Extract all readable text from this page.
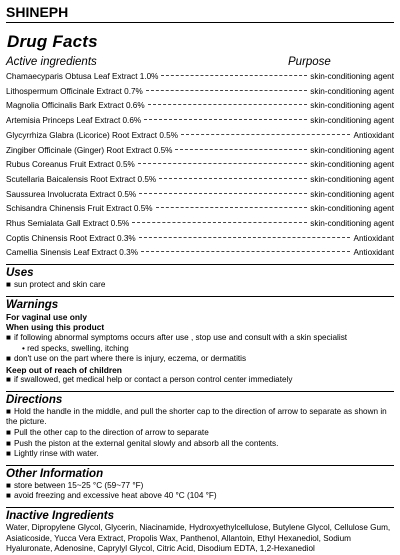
SHINEPH
Drug Facts
Active ingredients	Purpose
Chamaecyparis Obtusa Leaf Extract 1.0%	skin-conditioning agent
Lithospermum Officinale Extract 0.7%	skin-conditioning agent
Magnolia Officinalis Bark Extract 0.6%	skin-conditioning agent
Artemisia Princeps Leaf Extract 0.6%	skin-conditioning agent
Glycyrrhiza Glabra (Licorice) Root Extract 0.5%	Antioxidant
Zingiber Officinale (Ginger) Root Extract 0.5%	skin-conditioning agent
Rubus Coreanus Fruit Extract 0.5%	skin-conditioning agent
Scutellaria Baicalensis Root Extract 0.5%	skin-conditioning agent
Saussurea Involucrata Extract 0.5%	skin-conditioning agent
Schisandra Chinensis Fruit Extract 0.5%	skin-conditioning agent
Rhus Semialata Gall Extract 0.5%	skin-conditioning agent
Coptis Chinensis Root Extract 0.3%	Antioxidant
Camellia Sinensis Leaf Extract 0.3%	Antioxidant
Uses
■ sun protect and skin care
Warnings
For vaginal use only
When using this product
■ if following abnormal symptoms occurs after use , stop use and consult with a skin specialist
• red specks, swelling, itching
■ don't use on the part where there is injury, eczema, or dermatitis
Keep out of reach of children
■ if swallowed, get medical help or contact a person control center immediately
Directions
■ Hold the handle in the middle, and pull the shorter cap to the direction of arrow to separate as shown in the picture.
■ Pull the other cap to the direction of arrow to separate
■ Push the piston at the external genital slowly and absorb all the contents.
■ Lightly rinse with water.
Other Information
■ store between 15~25 °C (59~77 °F)
■ avoid freezing and excessive heat above 40 °C (104 °F)
Inactive Ingredients
Water, Dipropylene Glycol, Glycerin, Niacinamide, Hydroxyethylcellulose, Butylene Glycol, Cellulose Gum, Asiaticoside, Yucca Vera Extract, Propolis Wax, Panthenol, Allantoin, Ethyl Hexanediol, Sodium Hyaluronate, Adenosine, Caprylyl Glycol, Citric Acid, Disodium EDTA, 1,2-Hexanediol
